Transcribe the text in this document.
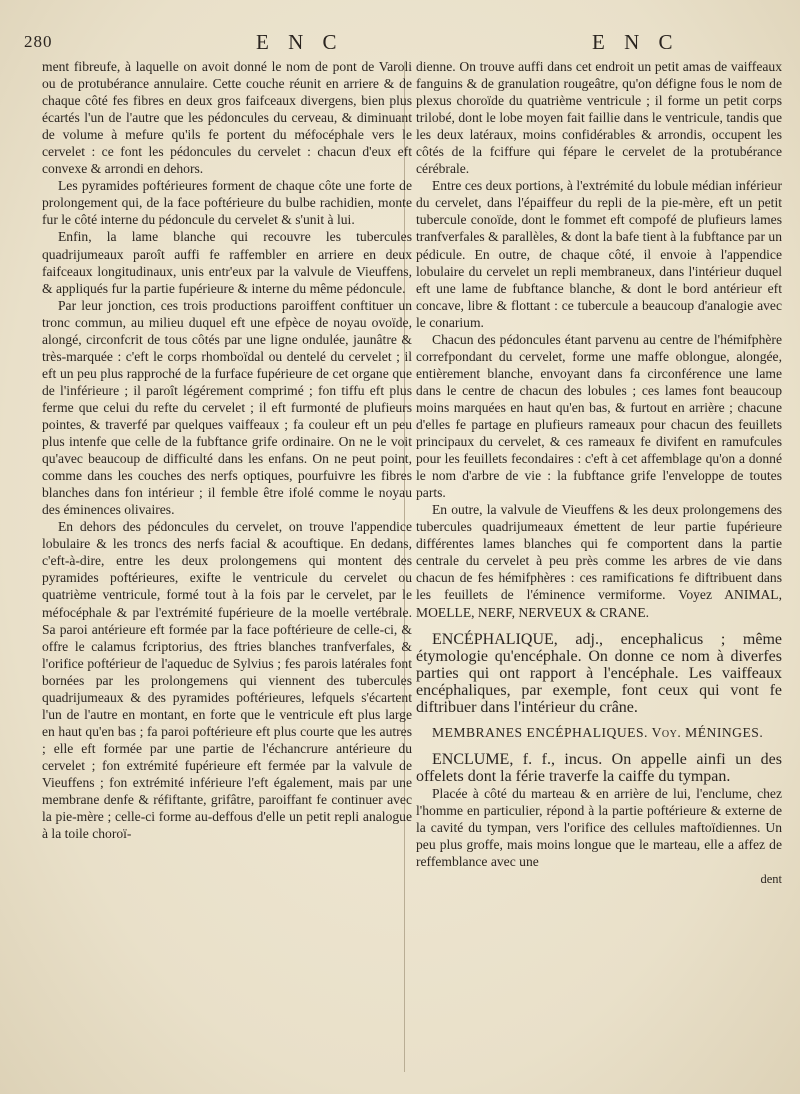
280	E N C	E N C

ment fibreufe, à laquelle on avoit donné le nom de pont de Varoli ou de protubérance annulaire. Cette couche réunit en arriere & de chaque côté fes fibres en deux gros faifceaux divergens, bien plus écartés l'un de l'autre que les pédoncules du cerveau, & diminuant de volume à mefure qu'ils fe portent du méfocéphale vers le cervelet : ce font les pédoncules du cervelet : chacun d'eux eft convexe & arrondi en dehors.

Les pyramides poftérieures forment de chaque côte une forte de prolongement qui, de la face poftérieure du bulbe rachidien, monte fur le côté interne du pédoncule du cervelet & s'unit à lui.

Enfin, la lame blanche qui recouvre les tubercules quadrijumeaux paroît auffi fe raffembler en arriere en deux faifceaux longitudinaux, unis entr'eux par la valvule de Vieuffens, & appliqués fur la partie fupérieure & interne du même pédoncule.

Par leur jonction, ces trois productions paroiffent conftituer un tronc commun, au milieu duquel eft une efpèce de noyau ovoïde, alongé, circonfcrit de tous côtés par une ligne ondulée, jaunâtre & très-marquée : c'eft le corps rhomboïdal ou dentelé du cervelet ; il eft un peu plus rapproché de la furface fupérieure de cet organe que de l'inférieure ; il paroît légérement comprimé ; fon tiffu eft plus ferme que celui du refte du cervelet ; il eft furmonté de plufieurs pointes, & traverfé par quelques vaiffeaux ; fa couleur eft un peu plus intenfe que celle de la fubftance grife ordinaire. On ne le voit qu'avec beaucoup de difficulté dans les enfans. On ne peut point, comme dans les couches des nerfs optiques, pourfuivre les fibres blanches dans fon intérieur ; il femble être ifolé comme le noyau des éminences olivaires.

En dehors des pédoncules du cervelet, on trouve l'appendice lobulaire & les troncs des nerfs facial & acouftique. En dedans, c'eft-à-dire, entre les deux prolongemens qui montent des pyramides poftérieures, exifte le ventricule du cervelet ou quatrième ventricule, formé tout à la fois par le cervelet, par le méfocéphale & par l'extrémité fupérieure de la moelle vertébrale. Sa paroi antérieure eft formée par la face poftérieure de celle-ci, & offre le calamus fcriptorius, des ftries blanches tranfverfales, & l'orifice poftérieur de l'aqueduc de Sylvius ; fes parois latérales font bornées par les prolongemens qui viennent des tubercules quadrijumeaux & des pyramides poftérieures, lefquels s'écartent l'un de l'autre en montant, en forte que le ventricule eft plus large en haut qu'en bas ; fa paroi poftérieure eft plus courte que les autres ; elle eft formée par une partie de l'échancrure antérieure du cervelet ; fon extrémité fupérieure eft fermée par la valvule de Vieuffens ; fon extrémité inférieure l'eft également, mais par une membrane denfe & réfiftante, grifâtre, paroiffant fe continuer avec la pie-mère ; celle-ci forme au-deffous d'elle un petit repli analogue à la toile choroï-

dienne. On trouve auffi dans cet endroit un petit amas de vaiffeaux fanguins & de granulation rougeâtre, qu'on défigne fous le nom de plexus choroïde du quatrième ventricule ; il forme un petit corps trilobé, dont le lobe moyen fait faillie dans le ventricule, tandis que les deux latéraux, moins confidérables & arrondis, occupent les côtés de la fciffure qui fépare le cervelet de la protubérance cérébrale.

Entre ces deux portions, à l'extrémité du lobule médian inférieur du cervelet, dans l'épaiffeur du repli de la pie-mère, eft un petit tubercule conoïde, dont le fommet eft compofé de plufieurs lames tranfverfales & parallèles, & dont la bafe tient à la fubftance par un pédicule. En outre, de chaque côté, il envoie à l'appendice lobulaire du cervelet un repli membraneux, dans l'intérieur duquel eft une lame de fubftance blanche, & dont le bord antérieur eft concave, libre & flottant : ce tubercule a beaucoup d'analogie avec le conarium.

Chacun des pédoncules étant parvenu au centre de l'hémifphère correfpondant du cervelet, forme une maffe oblongue, alongée, entièrement blanche, envoyant dans fa circonférence une lame dans le centre de chacun des lobules ; ces lames font beaucoup moins marquées en haut qu'en bas, & furtout en arrière ; chacune d'elles fe partage en plufieurs rameaux pour chacun des feuillets principaux du cervelet, & ces rameaux fe divifent en ramufcules pour les feuillets fecondaires : c'eft à cet affemblage qu'on a donné le nom d'arbre de vie : la fubftance grife l'enveloppe de toutes parts.

En outre, la valvule de Vieuffens & les deux prolongemens des tubercules quadrijumeaux émettent de leur partie fupérieure différentes lames blanches qui fe comportent dans la partie centrale du cervelet à peu près comme les arbres de vie dans chacun de fes hémifphères : ces ramifications fe diftribuent dans les feuillets de l'éminence vermiforme. Voyez ANIMAL, MOELLE, NERF, NERVEUX & CRANE.

ENCÉPHALIQUE, adj., encephalicus ; même étymologie qu'encéphale. On donne ce nom à diverfes parties qui ont rapport à l'encéphale. Les vaiffeaux encéphaliques, par exemple, font ceux qui vont fe diftribuer dans l'intérieur du crâne.

MEMBRANES ENCÉPHALIQUES. Voy. MÉNINGES.

ENCLUME, f. f., incus. On appelle ainfi un des offelets dont la férie traverfe la caiffe du tympan.

Placée à côté du marteau & en arrière de lui, l'enclume, chez l'homme en particulier, répond à la partie poftérieure & externe de la cavité du tympan, vers l'orifice des cellules maftoïdiennes. Un peu plus groffe, mais moins longue que le marteau, elle a affez de reffemblance avec une

dent
